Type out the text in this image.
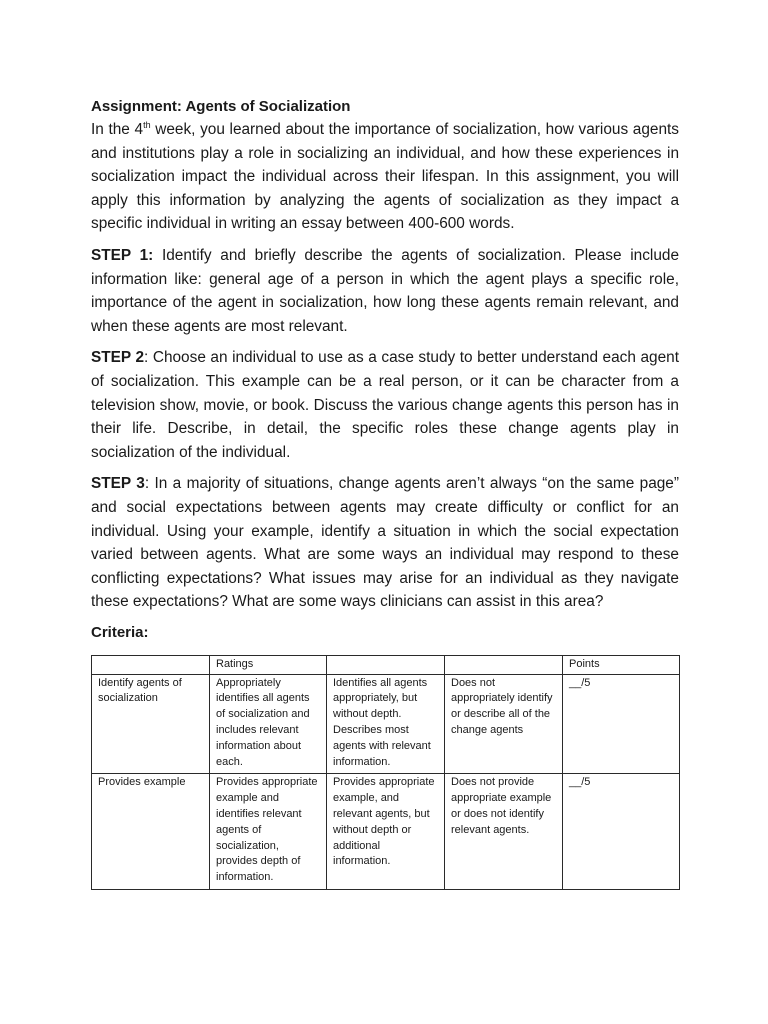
Assignment: Agents of Socialization

In the 4th week, you learned about the importance of socialization, how various agents and institutions play a role in socializing an individual, and how these experiences in socialization impact the individual across their lifespan. In this assignment, you will apply this information by analyzing the agents of socialization as they impact a specific individual in writing an essay between 400-600 words.

STEP 1: Identify and briefly describe the agents of socialization. Please include information like: general age of a person in which the agent plays a specific role, importance of the agent in socialization, how long these agents remain relevant, and when these agents are most relevant.

STEP 2: Choose an individual to use as a case study to better understand each agent of socialization. This example can be a real person, or it can be character from a television show, movie, or book. Discuss the various change agents this person has in their life. Describe, in detail, the specific roles these change agents play in socialization of the individual.

STEP 3: In a majority of situations, change agents aren’t always “on the same page” and social expectations between agents may create difficulty or conflict for an individual. Using your example, identify a situation in which the social expectation varied between agents. What are some ways an individual may respond to these conflicting expectations? What issues may arise for an individual as they navigate these expectations? What are some ways clinicians can assist in this area?

Criteria:
	Ratings			Points
Identify agents of socialization	Appropriately identifies all agents of socialization and includes relevant information about each.	Identifies all agents appropriately, but without depth. Describes most agents with relevant information.	Does not appropriately identify or describe all of the change agents	__/5
Provides example	Provides appropriate example and identifies relevant agents of socialization, provides depth of information.	Provides appropriate example, and relevant agents, but without depth or additional information.	Does not provide appropriate example or does not identify relevant agents.	__/5
